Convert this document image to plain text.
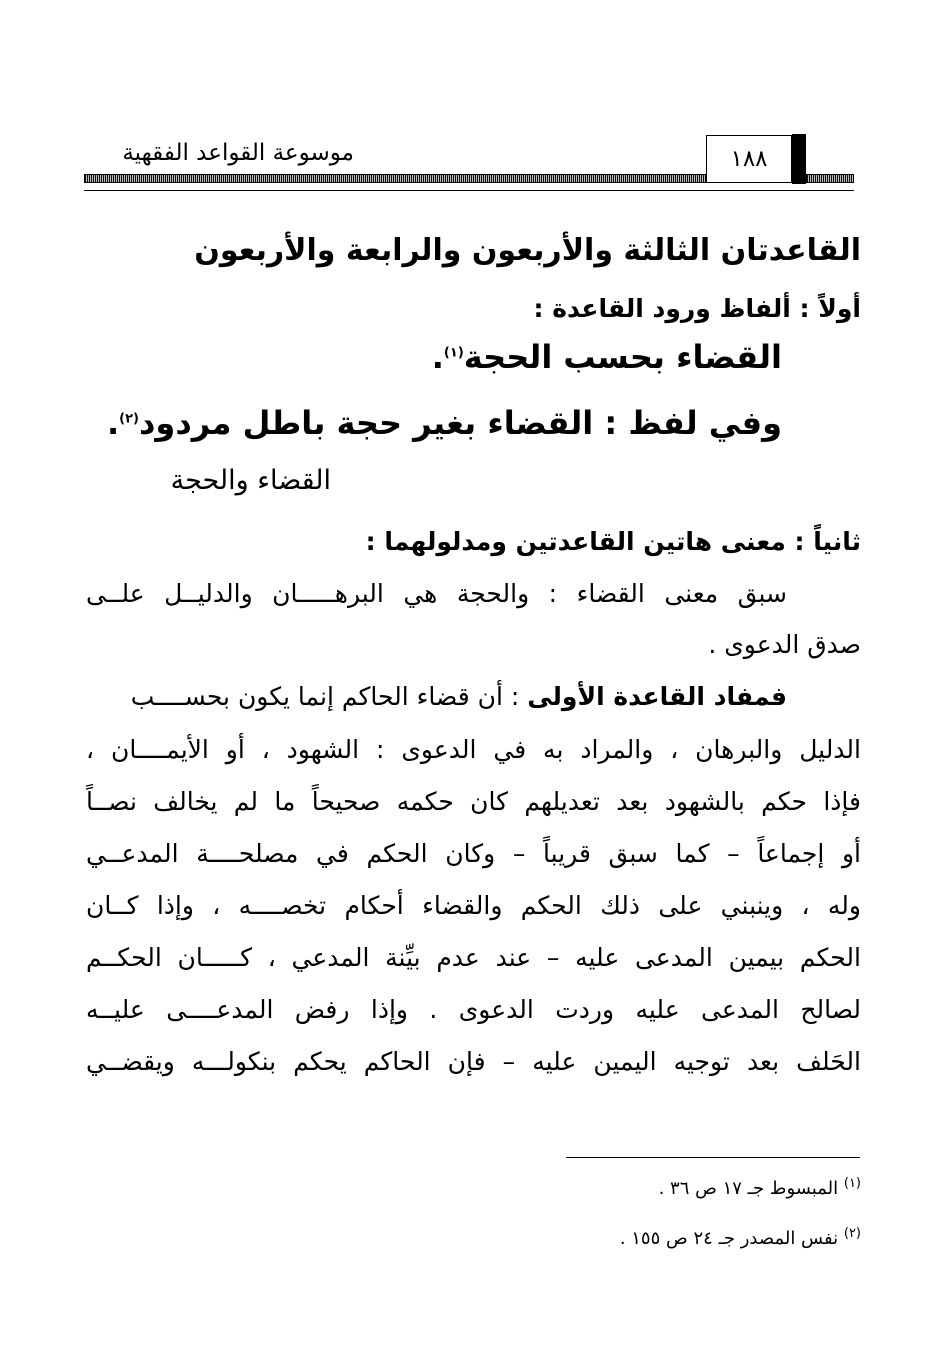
موسوعة القواعد الفقهية	١٨٨
القاعدتان الثالثة والأربعون والرابعة والأربعون
أولاً : ألفاظ ورود القاعدة :
القضاء بحسب الحجة$^{(١)}$.
وفي لفظ : القضاء بغير حجة باطل مردود$^{(٢)}$.
القضاء والحجة
ثانياً : معنى هاتين القاعدتين ومدلولهما :
سبق معنى القضاء : والحجة هي البرهـــــان والدليــل علــى
صدق الدعوى .
فمفاد القاعدة الأولى : أن قضاء الحاكم إنما يكون بحســــب
الدليل والبرهان ، والمراد به في الدعوى : الشهود ، أو الأيمــــان ،
فإذا حكم بالشهود بعد تعديلهم كان حكمه صحيحاً ما لم يخالف نصــاً
أو إجماعاً – كما سبق قريباً – وكان الحكم في مصلحــــة المدعــي
وله ، وينبني على ذلك الحكم والقضاء أحكام تخصــــه ، وإذا كــان
الحكم بيمين المدعى عليه – عند عدم بيِّنة المدعي ، كـــــان الحكــم
لصالح المدعى عليه وردت الدعوى . وإذا رفض المدعــــى عليــه
الحَلف بعد توجيه اليمين عليه – فإن الحاكم يحكم بنكولـــه ويقضــي
$^{(١)}$ المبسوط جـ ١٧ ص ٣٦ .
$^{(٢)}$ نفس المصدر جـ ٢٤ ص ١٥٥ .
